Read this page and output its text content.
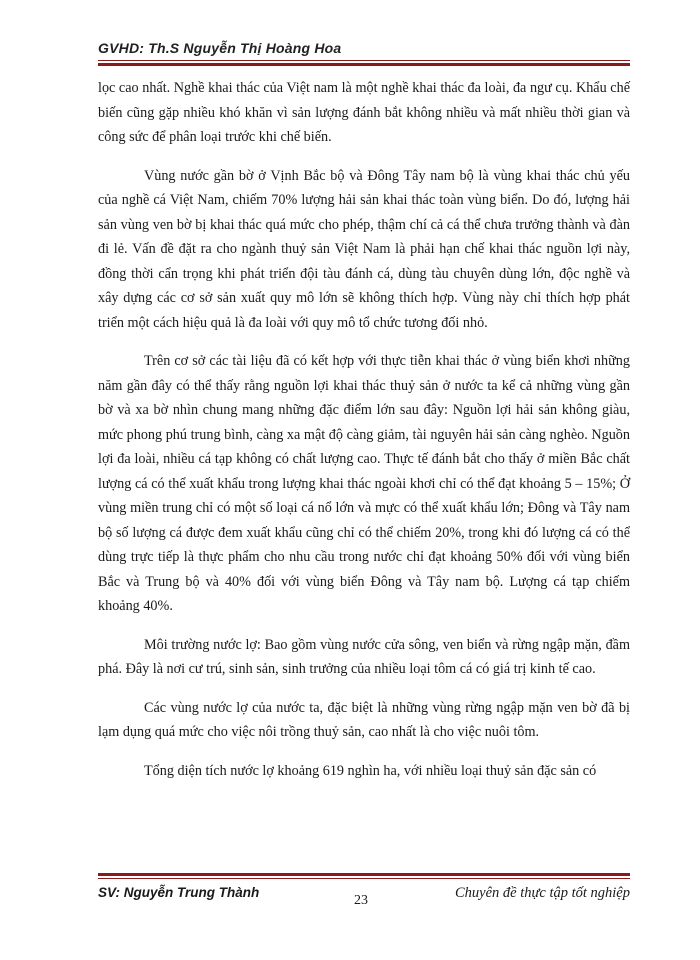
GVHD: Th.S Nguyễn Thị Hoàng Hoa

lọc cao nhất. Nghề khai thác của Việt nam là một nghề khai thác đa loài, đa ngư cụ. Khẩu chế biến cũng gặp nhiều khó khăn vì sản lượng đánh bắt không nhiều và mất nhiều thời gian và công sức để phân loại trước khi chế biến.

Vùng nước gần bờ ở Vịnh Bắc bộ và Đông Tây nam bộ là vùng khai thác chủ yếu của nghề cá Việt Nam, chiếm 70% lượng hải sản khai thác toàn vùng biển. Do đó, lượng hải sản vùng ven bờ bị khai thác quá mức cho phép, thậm chí cả cá thể chưa trưởng thành và đàn đi lẻ. Vấn đề đặt ra cho ngành thuỷ sản Việt Nam là phải hạn chế khai thác nguồn lợi này, đồng thời cẩn trọng khi phát triển đội tàu đánh cá, dùng tàu chuyên dùng lớn, độc nghề và xây dựng các cơ sở sản xuất quy mô lớn sẽ không thích hợp. Vùng này chỉ thích hợp phát triển một cách hiệu quả là đa loài với quy mô tổ chức tương đối nhỏ.

Trên cơ sở các tài liệu đã có kết hợp với thực tiễn khai thác ở vùng biển khơi những năm gần đây có thể thấy rằng nguồn lợi khai thác thuỷ sản ở nước ta kể cả những vùng gần bờ và xa bờ nhìn chung mang những đặc điểm lớn sau đây: Nguồn lợi hải sản không giàu, mức phong phú trung bình, càng xa mật độ càng giảm, tài nguyên hải sản càng nghèo. Nguồn lợi đa loài, nhiều cá tạp không có chất lượng cao. Thực tế đánh bắt cho thấy ở miền Bắc chất lượng cá có thể xuất khẩu trong lượng khai thác ngoài khơi chỉ có thể đạt khoảng 5 – 15%; Ở vùng miền trung chỉ có một số loại cá nổ lớn và mực có thể xuất khẩu lớn; Đông và Tây nam bộ số lượng cá được đem xuất khẩu cũng chỉ có thể chiếm 20%, trong khi đó lượng cá có thể dùng trực tiếp là thực phẩm cho nhu cầu trong nước chỉ đạt khoảng 50% đối với vùng biển Bắc và Trung bộ và 40% đối với vùng biển Đông và Tây nam bộ. Lượng cá tạp chiếm khoảng 40%.

Môi trường nước lợ: Bao gồm vùng nước cửa sông, ven biển và rừng ngập mặn, đầm phá. Đây là nơi cư trú, sinh sản, sinh trưởng của nhiều loại tôm cá có giá trị kinh tế cao.

Các vùng nước lợ của nước ta, đặc biệt là những vùng rừng ngập mặn ven bờ đã bị lạm dụng quá mức cho việc nôi trồng thuỷ sản, cao nhất là cho việc nuôi tôm.

Tổng diện tích nước lợ khoảng 619 nghìn ha, với nhiều loại thuỷ sản đặc sản có

SV: Nguyễn Trung Thành
23	Chuyên đề thực tập tốt nghiệp
